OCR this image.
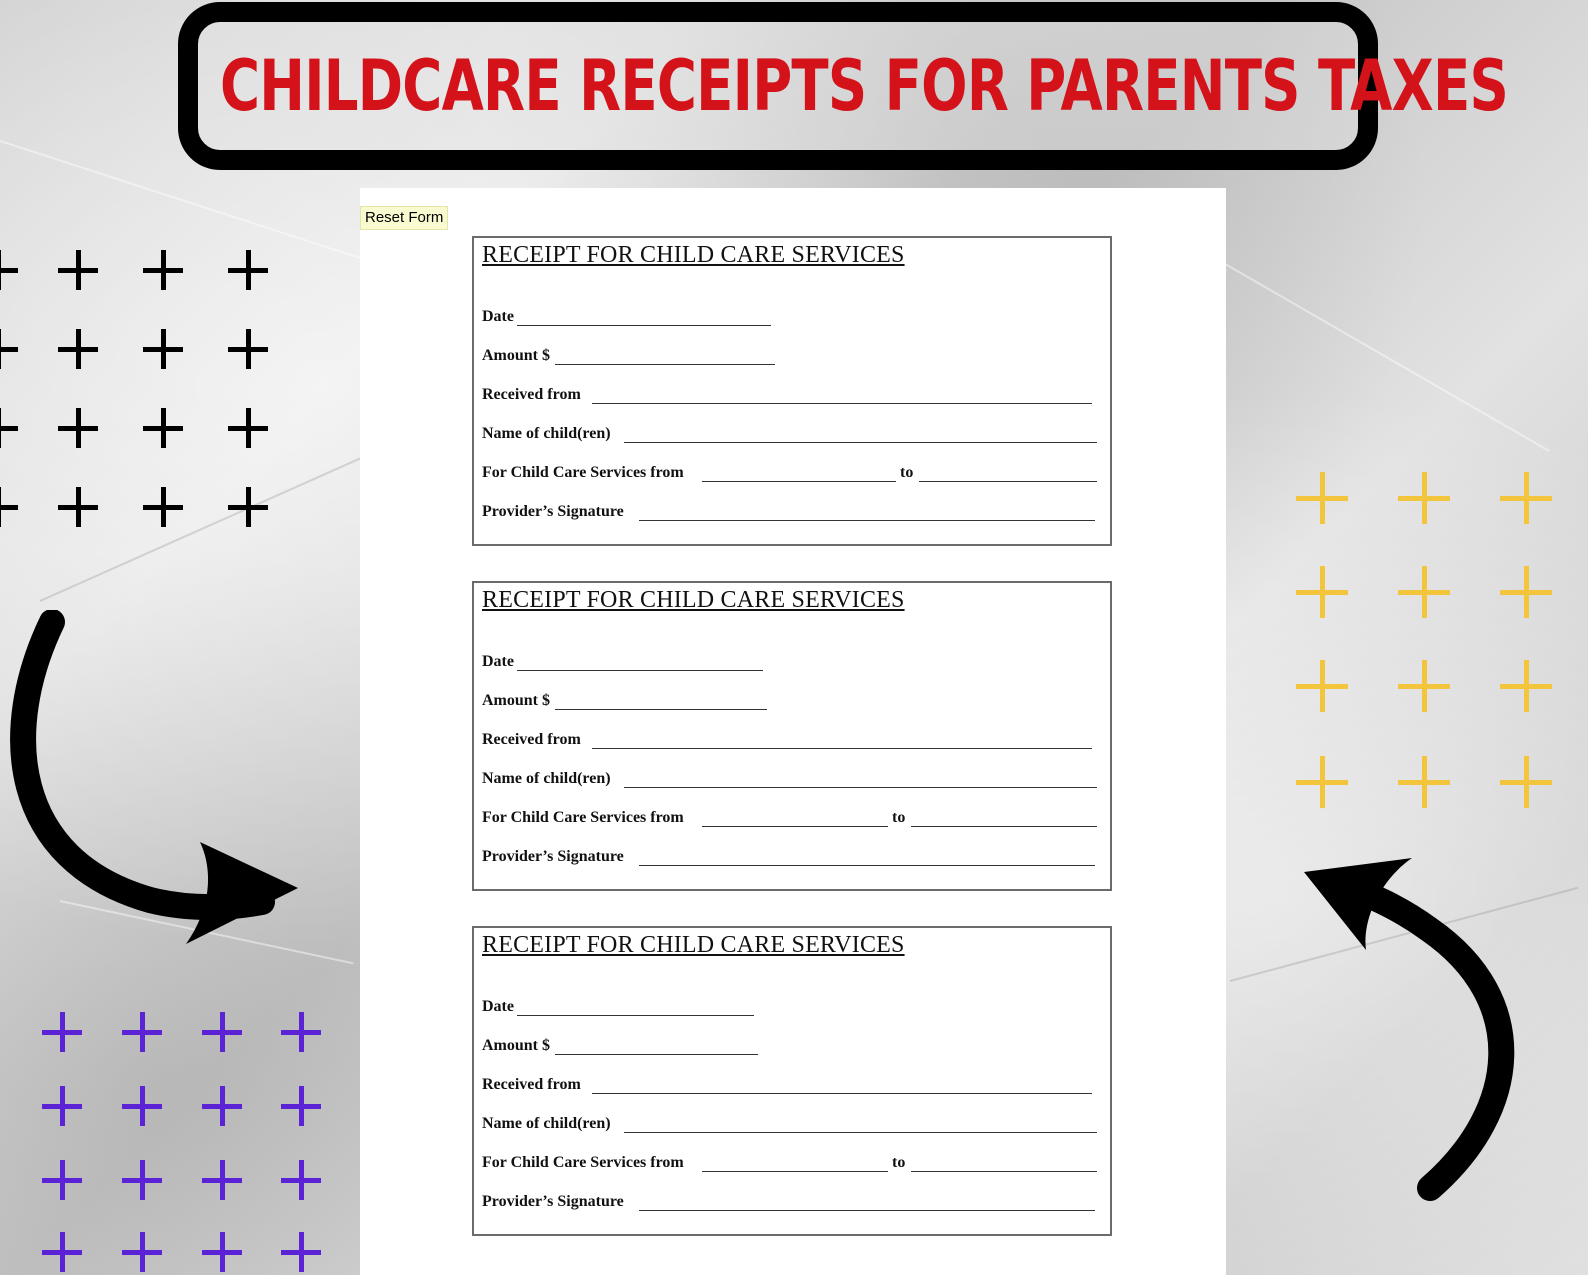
CHILDCARE RECEIPTS FOR PARENTS TAXES
Reset Form
RECEIPT FOR CHILD CARE SERVICES
Date
Amount $
Received from
Name of child(ren)
For Child Care Services from	to
Provider’s Signature
RECEIPT FOR CHILD CARE SERVICES
Date
Amount $
Received from
Name of child(ren)
For Child Care Services from	to
Provider’s Signature
RECEIPT FOR CHILD CARE SERVICES
Date
Amount $
Received from
Name of child(ren)
For Child Care Services from	to
Provider’s Signature
